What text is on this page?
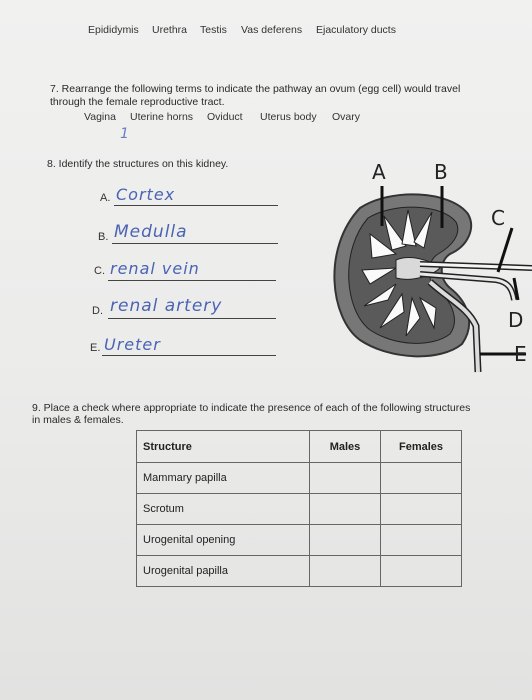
Epididymis Urethra Testis Vas deferens Ejaculatory ducts
7. Rearrange the following terms to indicate the pathway an ovum (egg cell) would travel
through the female reproductive tract.
Vagina Uterine horns Oviduct Uterus body Ovary
1
8. Identify the structures on this kidney.
A. Cortex
B. Medulla
C. renal vein
D. renal artery
E. Ureter
A B
C
D
E
9. Place a check where appropriate to indicate the presence of each of the following structures
in males & females.
Structure	Males	Females
Mammary papilla		
Scrotum		
Urogenital opening		
Urogenital papilla		
